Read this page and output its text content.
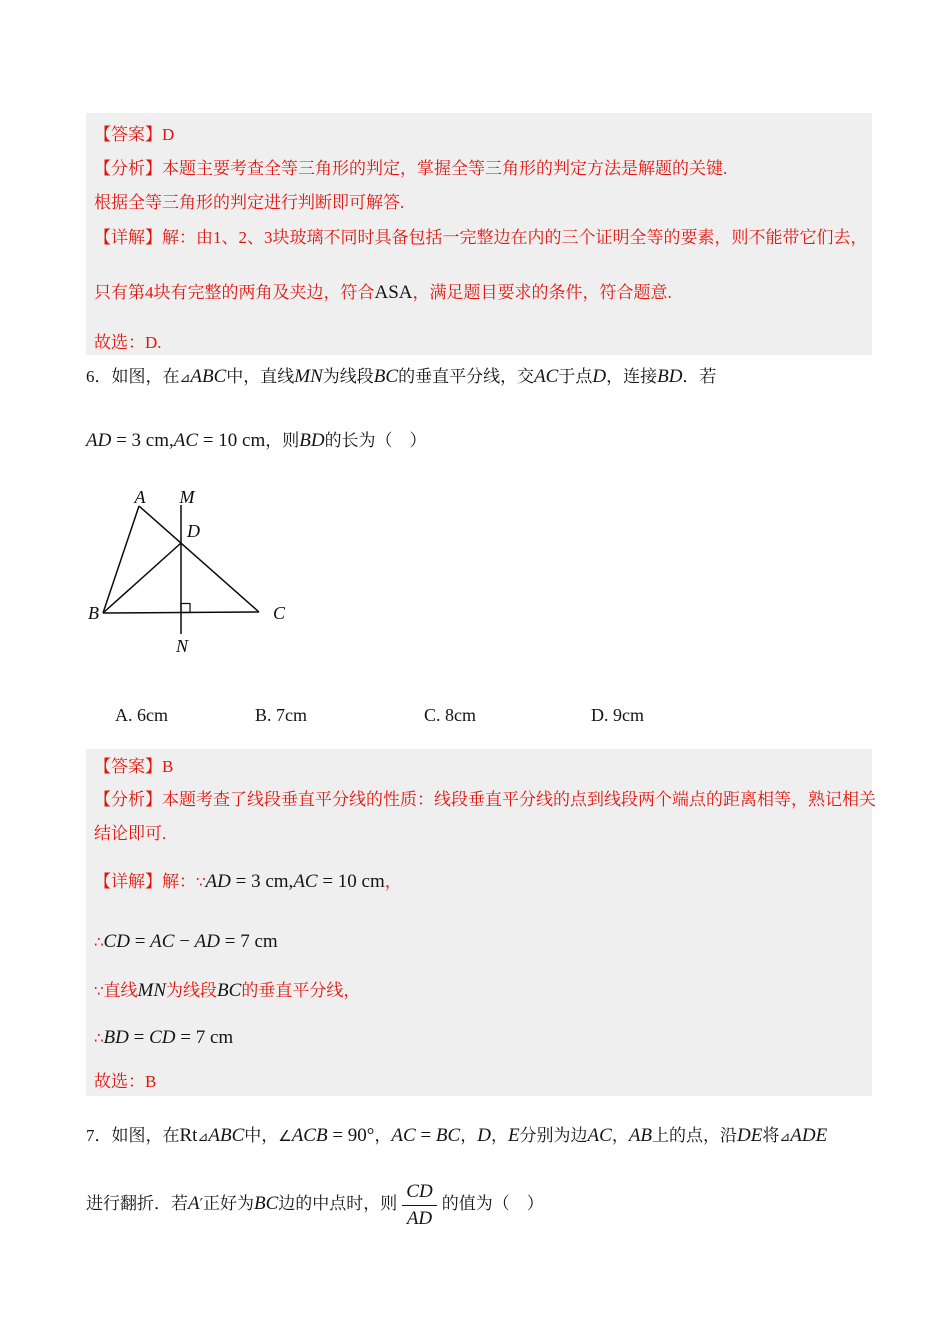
【答案】D
【分析】本题主要考查全等三角形的判定，掌握全等三角形的判定方法是解题的关键.
根据全等三角形的判定进行判断即可解答.
【详解】解：由1、2、3块玻璃不同时具备包括一完整边在内的三个证明全等的要素，则不能带它们去，
只有第4块有完整的两角及夹边，符合ASA，满足题目要求的条件，符合题意.
故选：D.
6．如图，在⊿ABC中，直线MN为线段BC的垂直平分线，交AC于点D，连接BD．若
AD = 3 cm,AC = 10 cm，则BD的长为（　）
A M
D
B	C
N
A. 6cm	B. 7cm	C. 8cm	D. 9cm
【答案】B
【分析】本题考查了线段垂直平分线的性质：线段垂直平分线的点到线段两个端点的距离相等，熟记相关
结论即可.
【详解】解：∵AD = 3 cm,AC = 10 cm，
∴CD = AC − AD = 7 cm
∵直线MN为线段BC的垂直平分线，
∴BD = CD = 7 cm
故选：B
7．如图，在Rt⊿ABC中，∠ACB = 90°，AC = BC，D，E分别为边AC，AB上的点，沿DE将⊿ADE
进行翻折．若A′正好为BC边的中点时，则 $\frac{CD}{AD}$ 的值为（　）
